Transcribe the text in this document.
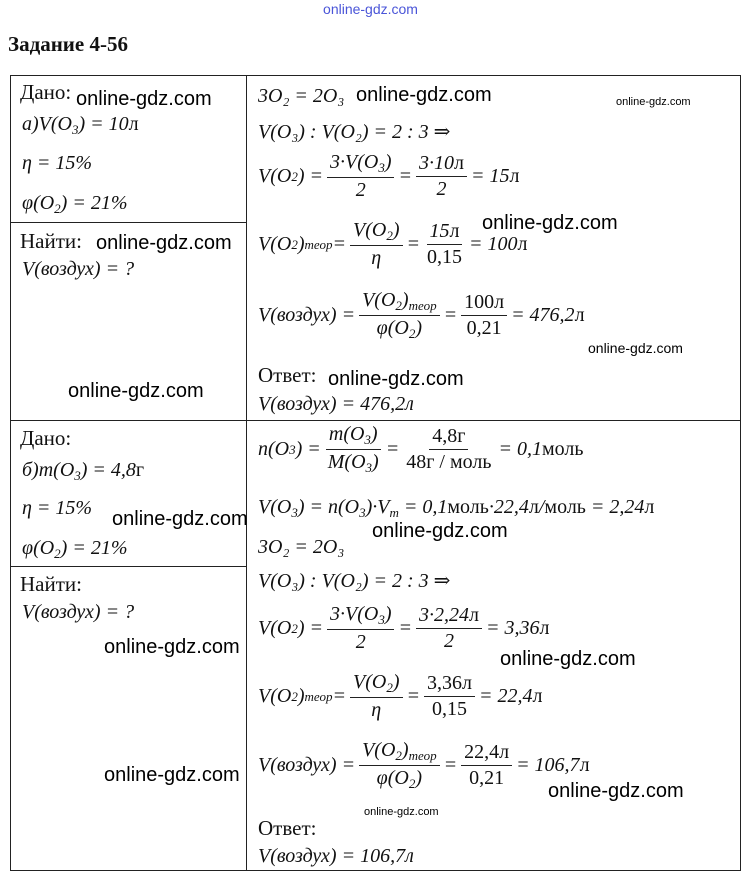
online-gdz.com
Задание 4-56
Дано:
$а)V(O_3) = 10л$
η = 15%
$\varphi(O_2) = 21\%$
Найти:
V(воздух) = ?
3O₂ = 2O₃
V(O₃) : V(O₂) = 2 : 3 ⇒
V(O 2 ) = $\frac{3\cdot V(O_3)}{2} = \frac{3\cdot 10л}{2} = 15$ л
V(O 2 ) теор = $\frac{V(O_2)}{\eta} = \frac{15л}{0,15} = 100$ л
V(воздух) = $\frac{V(O_2)_{теор}}{\varphi(O_2)} = \frac{100л}{0,21} = 476,2$ л
Ответ:
V(воздух) = 476,2л
Дано:
$б)m(O_3) = 4,8г$
η = 15%
$\varphi(O_2) = 21\%$
Найти:
V(воздух) = ?
n(O 3 ) = $\frac{m(O_3)}{M(O_3)} = \frac{4,8г}{\text{48г / моль}} = 0,1$ моль
$V(O_3) = n(O_3)\cdot V_m$ = 0,1моль·22,4л/моль = 2,24л
3O₂ = 2O₃
V(O₃) : V(O₂) = 2 : 3 ⇒
V(O 2 ) = $\frac{3\cdot V(O_3)}{2} = \frac{3\cdot 2,24л}{2} = 3,36$ л
V(O 2 ) теор = $\frac{V(O_2)}{\eta} = \frac{3,36л}{0,15} = 22,4$ л
V(воздух) = $\frac{V(O_2)_{теор}}{\varphi(O_2)} = \frac{22,4л}{0,21} = 106,7$ л
Ответ:
V(воздух) = 106,7л
online-gdz.com	online-gdz.com	online-gdz.com
online-gdz.com
online-gdz.com
online-gdz.com
online-gdz.com
online-gdz.com
online-gdz.com
online-gdz.com
online-gdz.com
online-gdz.com
online-gdz.com
online-gdz.com
online-gdz.com
